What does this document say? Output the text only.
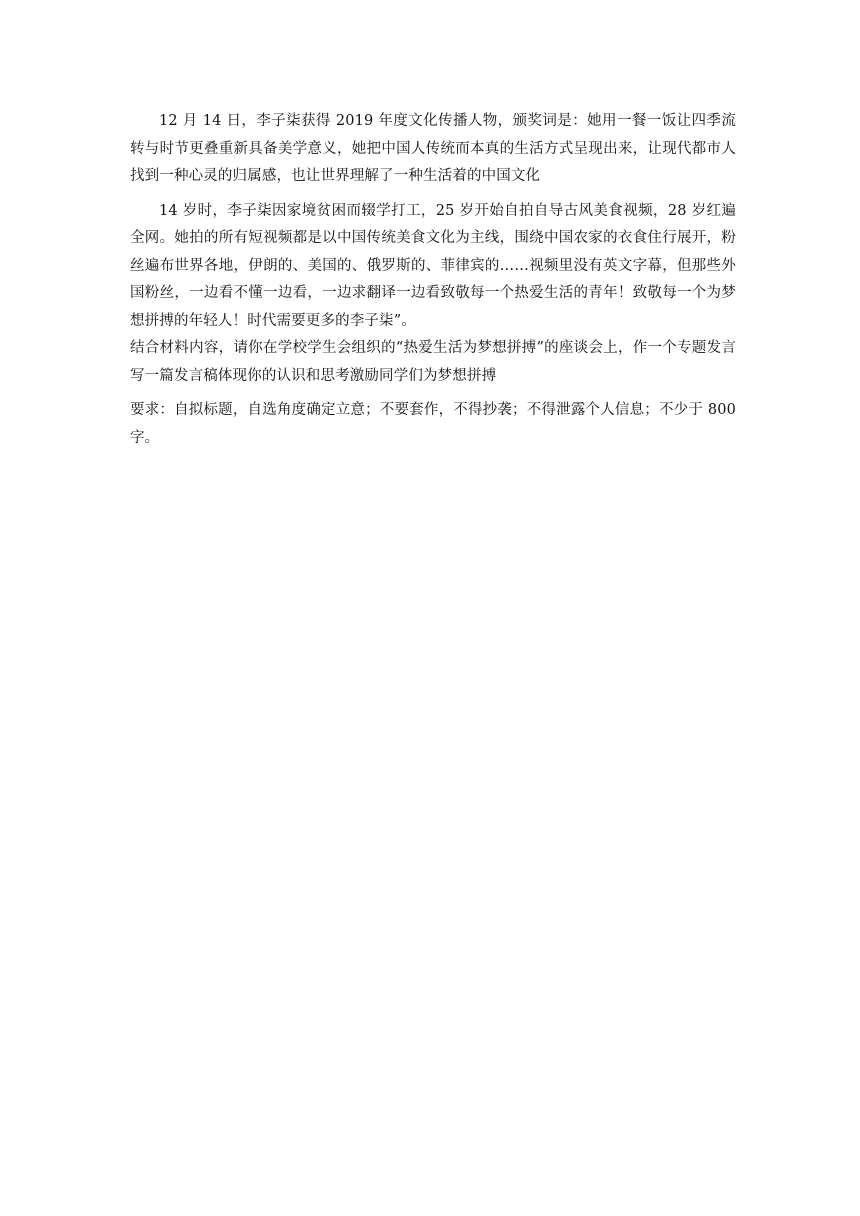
12 月 14 日，李子柒获得 2019 年度文化传播人物，颁奖词是：她用一餐一饭让四季流转与时节更叠重新具备美学意义，她把中国人传统而本真的生活方式呈现出来，让现代都市人找到一种心灵的归属感，也让世界理解了一种生活着的中国文化

14 岁时，李子柒因家境贫困而辍学打工，25 岁开始自拍自导古风美食视频，28 岁红遍全网。她拍的所有短视频都是以中国传统美食文化为主线，围绕中国农家的衣食住行展开，粉丝遍布世界各地，伊朗的、美国的、俄罗斯的、菲律宾的……视频里没有英文字幕，但那些外国粉丝，一边看不懂一边看，一边求翻译一边看致敬每一个热爱生活的青年！致敬每一个为梦想拼搏的年轻人！时代需要更多的李子柒”。

结合材料内容，请你在学校学生会组织的“热爱生活为梦想拼搏”的座谈会上，作一个专题发言写一篇发言稿体现你的认识和思考激励同学们为梦想拼搏

要求：自拟标题，自选角度确定立意；不要套作，不得抄袭；不得泄露个人信息；不少于 800 字。
